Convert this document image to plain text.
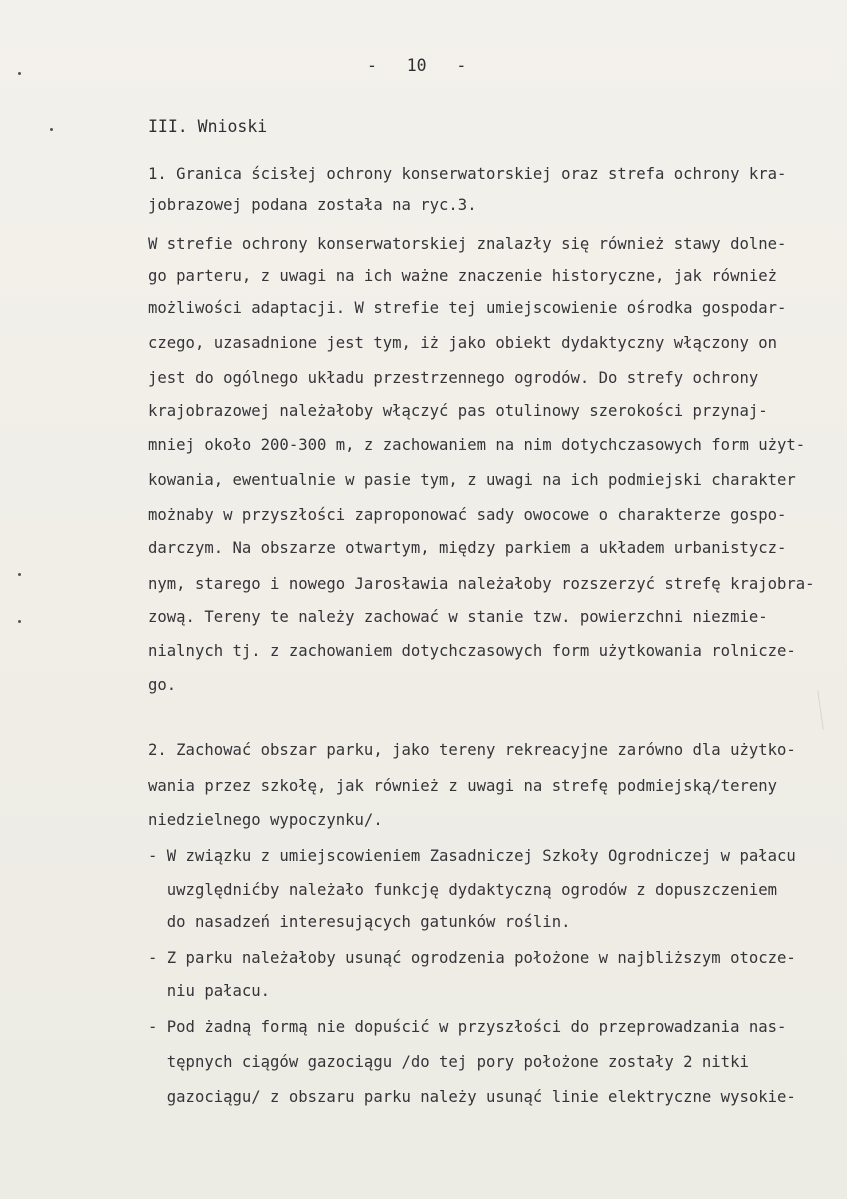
-   10   -
III. Wnioski
1. Granica ścisłej ochrony konserwatorskiej oraz strefa ochrony kra-
jobrazowej podana została na ryc.3.
W strefie ochrony konserwatorskiej znalazły się również stawy dolne-
go parteru, z uwagi na ich ważne znaczenie historyczne, jak również
możliwości adaptacji. W strefie tej umiejscowienie ośrodka gospodar-
czego, uzasadnione jest tym, iż jako obiekt dydaktyczny włączony on
jest do ogólnego układu przestrzennego ogrodów. Do strefy ochrony
krajobrazowej należałoby włączyć pas otulinowy szerokości przynaj-
mniej około 200-300 m, z zachowaniem na nim dotychczasowych form użyt-
kowania, ewentualnie w pasie tym, z uwagi na ich podmiejski charakter
możnaby w przyszłości zaproponować sady owocowe o charakterze gospo-
darczym. Na obszarze otwartym, między parkiem a układem urbanistycz-
nym, starego i nowego Jarosławia należałoby rozszerzyć strefę krajobra-
zową. Tereny te należy zachować w stanie tzw. powierzchni niezmie-
nialnych tj. z zachowaniem dotychczasowych form użytkowania rolnicze-
go.
2. Zachować obszar parku, jako tereny rekreacyjne zarówno dla użytko-
wania przez szkołę, jak również z uwagi na strefę podmiejską/tereny
niedzielnego wypoczynku/.
- W związku z umiejscowieniem Zasadniczej Szkoły Ogrodniczej w pałacu
uwzględnićby należało funkcję dydaktyczną ogrodów z dopuszczeniem
do nasadzeń interesujących gatunków roślin.
- Z parku należałoby usunąć ogrodzenia położone w najbliższym otocze-
niu pałacu.
- Pod żadną formą nie dopuścić w przyszłości do przeprowadzania nas-
tępnych ciągów gazociągu /do tej pory położone zostały 2 nitki
gazociągu/ z obszaru parku należy usunąć linie elektryczne wysokie-
